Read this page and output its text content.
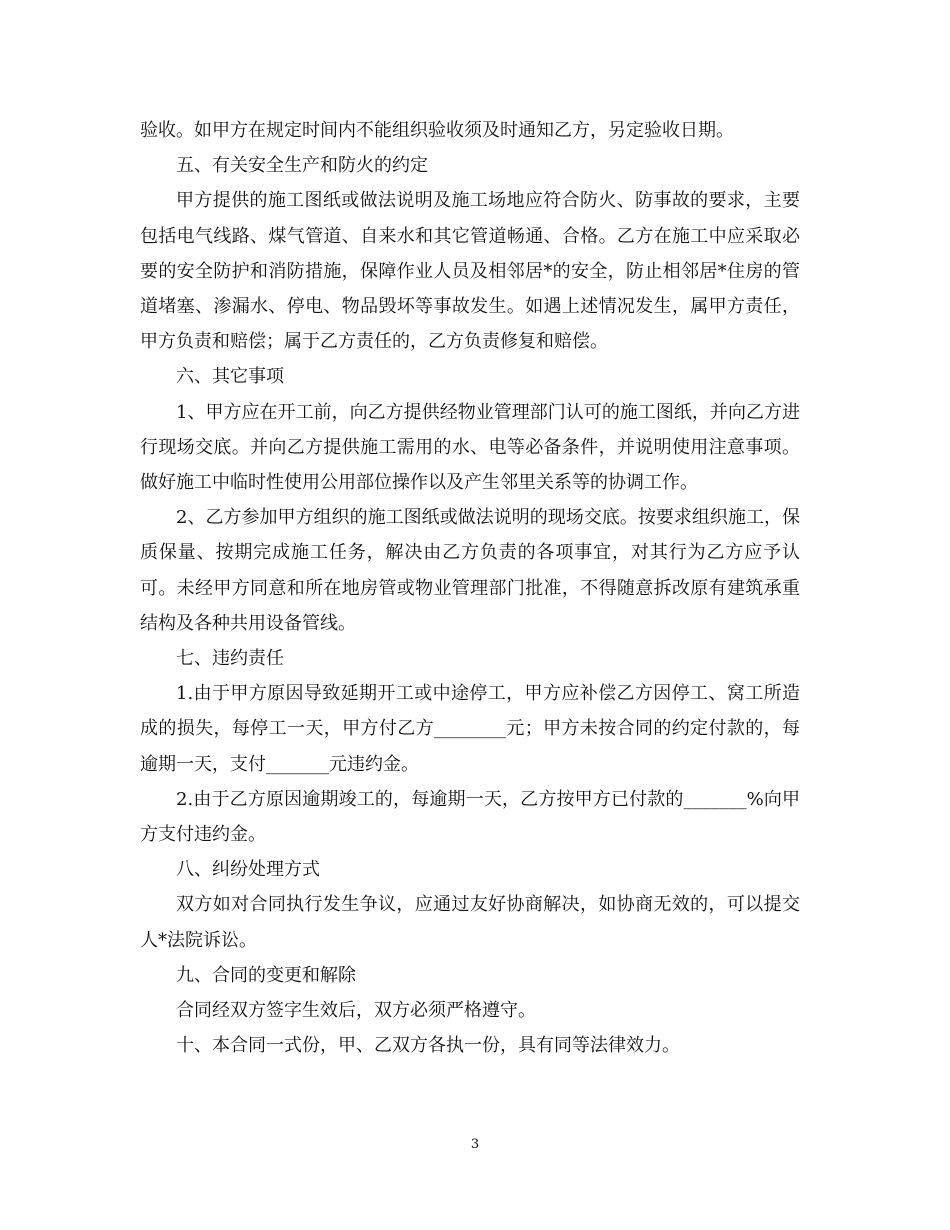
验收。如甲方在规定时间内不能组织验收须及时通知乙方，另定验收日期。

五、有关安全生产和防火的约定

甲方提供的施工图纸或做法说明及施工场地应符合防火、防事故的要求，主要包括电气线路、煤气管道、自来水和其它管道畅通、合格。乙方在施工中应采取必要的安全防护和消防措施，保障作业人员及相邻居*的安全，防止相邻居*住房的管道堵塞、渗漏水、停电、物品毁坏等事故发生。如遇上述情况发生，属甲方责任，甲方负责和赔偿；属于乙方责任的，乙方负责修复和赔偿。

六、其它事项

1、甲方应在开工前，向乙方提供经物业管理部门认可的施工图纸，并向乙方进行现场交底。并向乙方提供施工需用的水、电等必备条件，并说明使用注意事项。做好施工中临时性使用公用部位操作以及产生邻里关系等的协调工作。

2、乙方参加甲方组织的施工图纸或做法说明的现场交底。按要求组织施工，保质保量、按期完成施工任务，解决由乙方负责的各项事宜，对其行为乙方应予认可。未经甲方同意和所在地房管或物业管理部门批准，不得随意拆改原有建筑承重结构及各种共用设备管线。

七、违约责任

1.由于甲方原因导致延期开工或中途停工，甲方应补偿乙方因停工、窝工所造成的损失，每停工一天，甲方付乙方________元；甲方未按合同的约定付款的，每逾期一天，支付_______元违约金。

2.由于乙方原因逾期竣工的，每逾期一天，乙方按甲方已付款的_______%向甲方支付违约金。

八、纠纷处理方式

双方如对合同执行发生争议，应通过友好协商解决，如协商无效的，可以提交人*法院诉讼。

九、合同的变更和解除

合同经双方签字生效后，双方必须严格遵守。

十、本合同一式份，甲、乙双方各执一份，具有同等法律效力。

3
